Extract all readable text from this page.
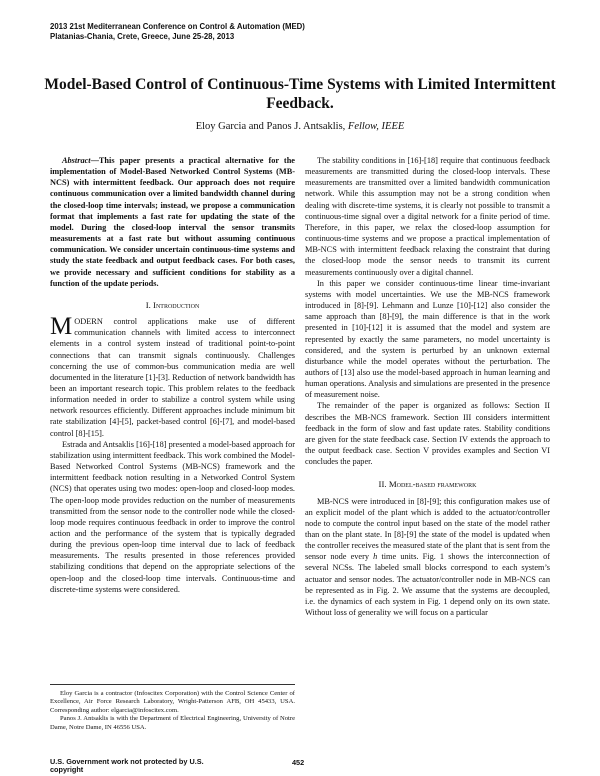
2013 21st Mediterranean Conference on Control & Automation (MED)
Platanias-Chania, Crete, Greece, June 25-28, 2013
Model-Based Control of Continuous-Time Systems with Limited Intermittent Feedback.
Eloy Garcia and Panos J. Antsaklis, Fellow, IEEE

Abstract—This paper presents a practical alternative for the implementation of Model-Based Networked Control Systems (MB-NCS) with intermittent feedback. Our approach does not require continuous communication over a limited bandwidth channel during the closed-loop time intervals; instead, we propose a communication format that implements a fast rate for updating the state of the model. During the closed-loop interval the sensor transmits measurements at a fast rate but without assuming continuous communication. We consider uncertain continuous-time systems and study the state feedback and output feedback cases. For both cases, we provide necessary and sufficient conditions for stability as a function of the update periods.

I. Introduction

MODERN control applications make use of different communication channels with limited access to interconnect elements in a control system instead of traditional point-to-point connections that can transmit signals continuously. Challenges concerning the use of common-bus communication media are well documented in the literature [1]-[3]. Reduction of network bandwidth has been an important research topic. This problem relates to the feedback information needed in order to stabilize a control system while using network resources efficiently. Different approaches include minimum bit rate stabilization [4]-[5], packet-based control [6]-[7], and model-based control [8]-[15].

Estrada and Antsaklis [16]-[18] presented a model-based approach for stabilization using intermittent feedback. This work combined the Model-Based Networked Control Systems (MB-NCS) framework and the intermittent feedback notion resulting in a Networked Control System (NCS) that operates using two modes: open-loop and closed-loop modes. The open-loop mode provides reduction on the number of measurements transmitted from the sensor node to the controller node while the closed-loop mode requires continuous feedback in order to improve the control action and the performance of the system that is typically degraded during the previous open-loop time interval due to lack of feedback measurements. The results presented in those references provided stabilizing conditions that depend on the appropriate selections of the open-loop and the closed-loop time intervals. Continuous-time and discrete-time systems were considered.

The stability conditions in [16]-[18] require that continuous feedback measurements are transmitted during the closed-loop intervals. These measurements are transmitted over a limited bandwidth communication network. While this assumption may not be a strong condition when dealing with discrete-time systems, it is clearly not possible to transmit a continuous-time signal over a digital network for a finite period of time. Therefore, in this paper, we relax the closed-loop assumption for continuous-time systems and we propose a practical implementation of MB-NCS with intermittent feedback relaxing the constraint that during the closed-loop mode the sensor needs to transmit its current measurements continuously over a digital channel.

In this paper we consider continuous-time linear time-invariant systems with model uncertainties. We use the MB-NCS framework introduced in [8]-[9]. Lehmann and Lunze [10]-[12] also consider the same approach than [8]-[9], the main difference is that in the work presented in [10]-[12] it is assumed that the model and system are represented by exactly the same parameters, no model uncertainty is considered, and the system is perturbed by an unknown external disturbance while the model operates without the perturbation. The authors of [13] also use the model-based approach in human learning and human operations. Analysis and simulations are presented in the presence of measurement noise.

The remainder of the paper is organized as follows: Section II describes the MB-NCS framework. Section III considers intermittent feedback in the form of slow and fast update rates. Stability conditions are given for the state feedback case. Section IV extends the approach to the output feedback case. Section V provides examples and Section VI concludes the paper.

II. Model-based framework

MB-NCS were introduced in [8]-[9]; this configuration makes use of an explicit model of the plant which is added to the actuator/controller node to compute the control input based on the state of the model rather than on the plant state. In [8]-[9] the state of the model is updated when the controller receives the measured state of the plant that is sent from the sensor node every h time units. Fig. 1 shows the interconnection of several NCSs. The labeled small blocks correspond to each system’s actuator and sensor nodes. The actuator/controller node in MB-NCS can be represented as in Fig. 2. We assume that the systems are decoupled, i.e. the dynamics of each system in Fig. 1 depend only on its own state. Without loss of generality we will focus on a particular

Eloy Garcia is a contractor (Infoscitex Corporation) with the Control Science Center of Excellence, Air Force Research Laboratory, Wright-Patterson AFB, OH 45433, USA. Corresponding author: elgarcia@infoscitex.com.

Panos J. Antsaklis is with the Department of Electrical Engineering, University of Notre Dame, Notre Dame, IN 46556 USA.

U.S. Government work not protected by U.S.
copyright
452
